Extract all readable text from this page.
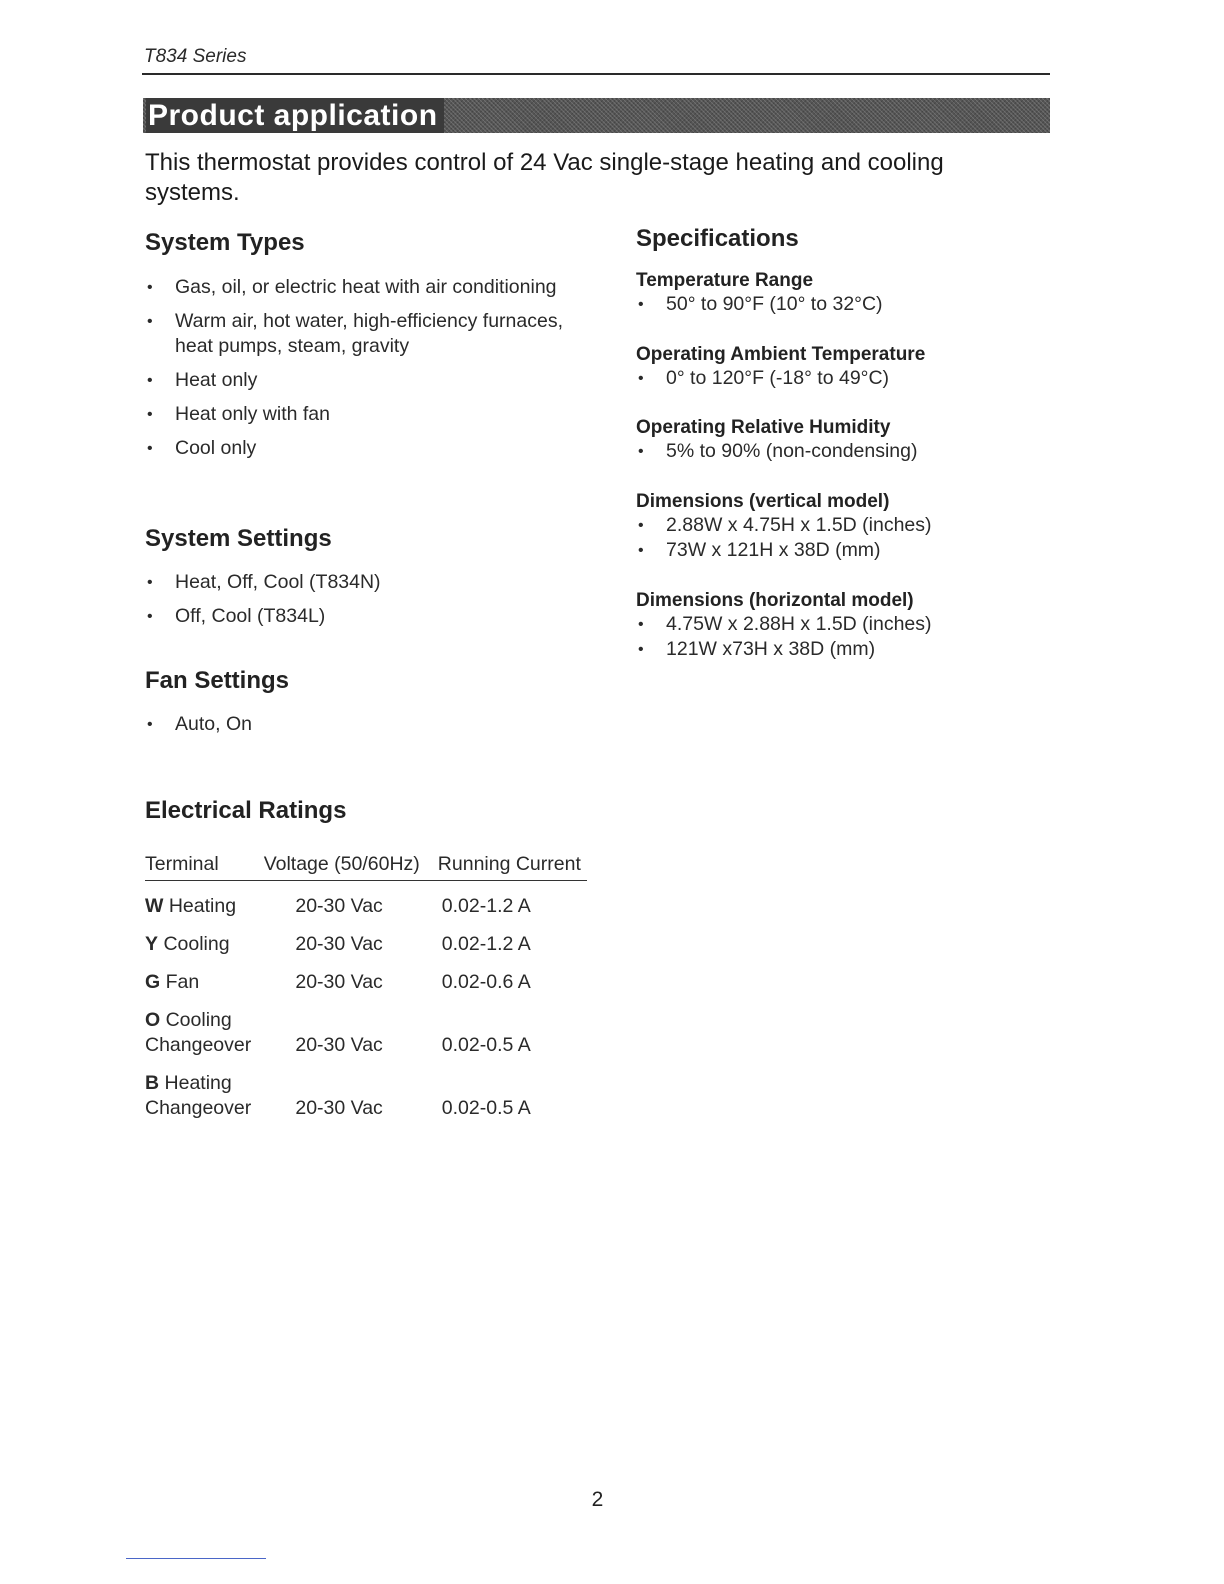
T834 Series
Product application
This thermostat provides control of 24 Vac single-stage heating and cooling systems.
System Types
• Gas, oil, or electric heat with air conditioning
• Warm air, hot water, high-efficiency furnaces, heat pumps, steam, gravity
• Heat only
• Heat only with fan
• Cool only
System Settings
• Heat, Off, Cool (T834N)
• Off, Cool (T834L)
Fan Settings
• Auto, On
Specifications
Temperature Range
• 50° to 90°F (10° to 32°C)
Operating Ambient Temperature
• 0° to 120°F (-18° to 49°C)
Operating Relative Humidity
• 5% to 90% (non-condensing)
Dimensions (vertical model)
• 2.88W x 4.75H x 1.5D (inches)
• 73W x 121H x 38D (mm)
Dimensions (horizontal model)
• 4.75W x 2.88H x 1.5D (inches)
• 121W x73H x 38D (mm)
Electrical Ratings
Terminal	Voltage (50/60Hz)	Running Current
W Heating	20-30 Vac	0.02-1.2 A
Y Cooling	20-30 Vac	0.02-1.2 A
G Fan	20-30 Vac	0.02-0.6 A
O Cooling
Changeover	20-30 Vac	0.02-0.5 A
B Heating
Changeover	20-30 Vac	0.02-0.5 A
2
